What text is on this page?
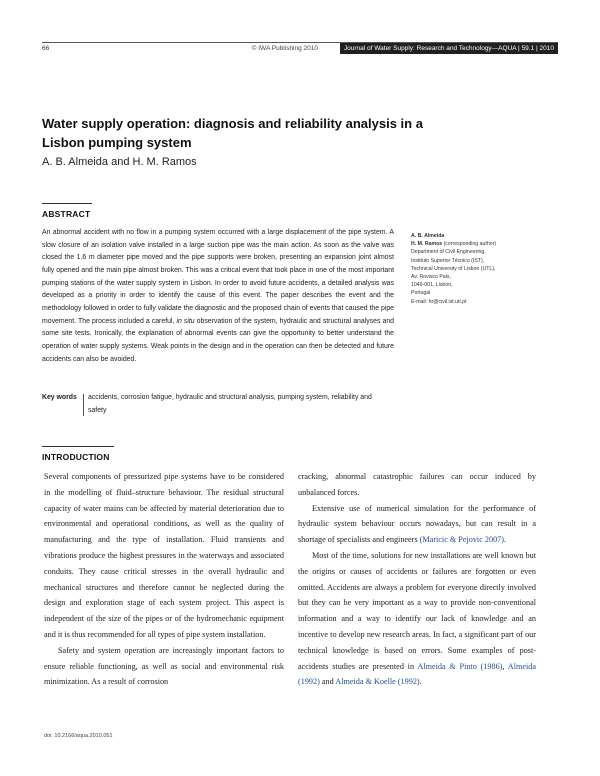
66	© IWA Publishing 2010	Journal of Water Supply: Research and Technology—AQUA | 59.1 | 2010
Water supply operation: diagnosis and reliability analysis in a Lisbon pumping system
A. B. Almeida and H. M. Ramos
ABSTRACT

An abnormal accident with no flow in a pumping system occurred with a large displacement of the pipe system. A slow closure of an isolation valve installed in a large suction pipe was the main action. As soon as the valve was closed the 1.6 m diameter pipe moved and the pipe supports were broken, presenting an expansion joint almost fully opened and the main pipe almost broken. This was a critical event that took place in one of the most important pumping stations of the water supply system in Lisbon. In order to avoid future accidents, a detailed analysis was developed as a priority in order to identify the cause of this event. The paper describes the event and the methodology followed in order to fully validate the diagnostic and the proposed chain of events that caused the pipe movement. The process included a careful, in situ observation of the system, hydraulic and structural analyses and some site tests. Ironically, the explanation of abnormal events can give the opportunity to better understand the operation of water supply systems. Weak points in the design and in the operation can then be detected and future accidents can also be avoided.

Key words accidents, corrosion fatigue, hydraulic and structural analysis, pumping system, reliability and safety
A. B. Almeida
H. M. Ramos (corresponding author)
Department of Civil Engineering,
Instituto Superior Técnico (IST),
Technical University of Lisbon (UTL),
Av. Rovisco Pais,
1049-001, Lisbon,
Portugal
E-mail: hr@civil.ist.utl.pt
INTRODUCTION

Several components of pressurized pipe systems have to be considered in the modelling of fluid–structure behaviour. The residual structural capacity of water mains can be affected by material deterioration due to environmental and operational conditions, as well as the quality of manufacturing and the type of installation. Fluid transients and vibrations produce the highest pressures in the waterways and associated conduits. They cause critical stresses in the overall hydraulic and mechanical structures and therefore cannot be neglected during the design and exploration stage of each system project. This aspect is independent of the size of the pipes or of the hydromechanic equipment and it is thus recommended for all types of pipe system installation.

Safety and system operation are increasingly important factors to ensure reliable functioning, as well as social and environmental risk minimization. As a result of corrosion

cracking, abnormal catastrophic failures can occur induced by unbalanced forces.

Extensive use of numerical simulation for the performance of hydraulic system behaviour occurs nowadays, but can result in a shortage of specialists and engineers (Maricic & Pejovic 2007).

Most of the time, solutions for new installations are well known but the origins or causes of accidents or failures are forgotten or even omitted. Accidents are always a problem for everyone directly involved but they can be very important as a way to provide non-conventional information and a way to identify our lack of knowledge and an incentive to develop new research areas. In fact, a significant part of our technical knowledge is based on errors. Some examples of post-accidents studies are presented in Almeida & Pinto (1986), Almeida (1992) and Almeida & Koelle (1992).

doi: 10.2166/aqua.2010.051
